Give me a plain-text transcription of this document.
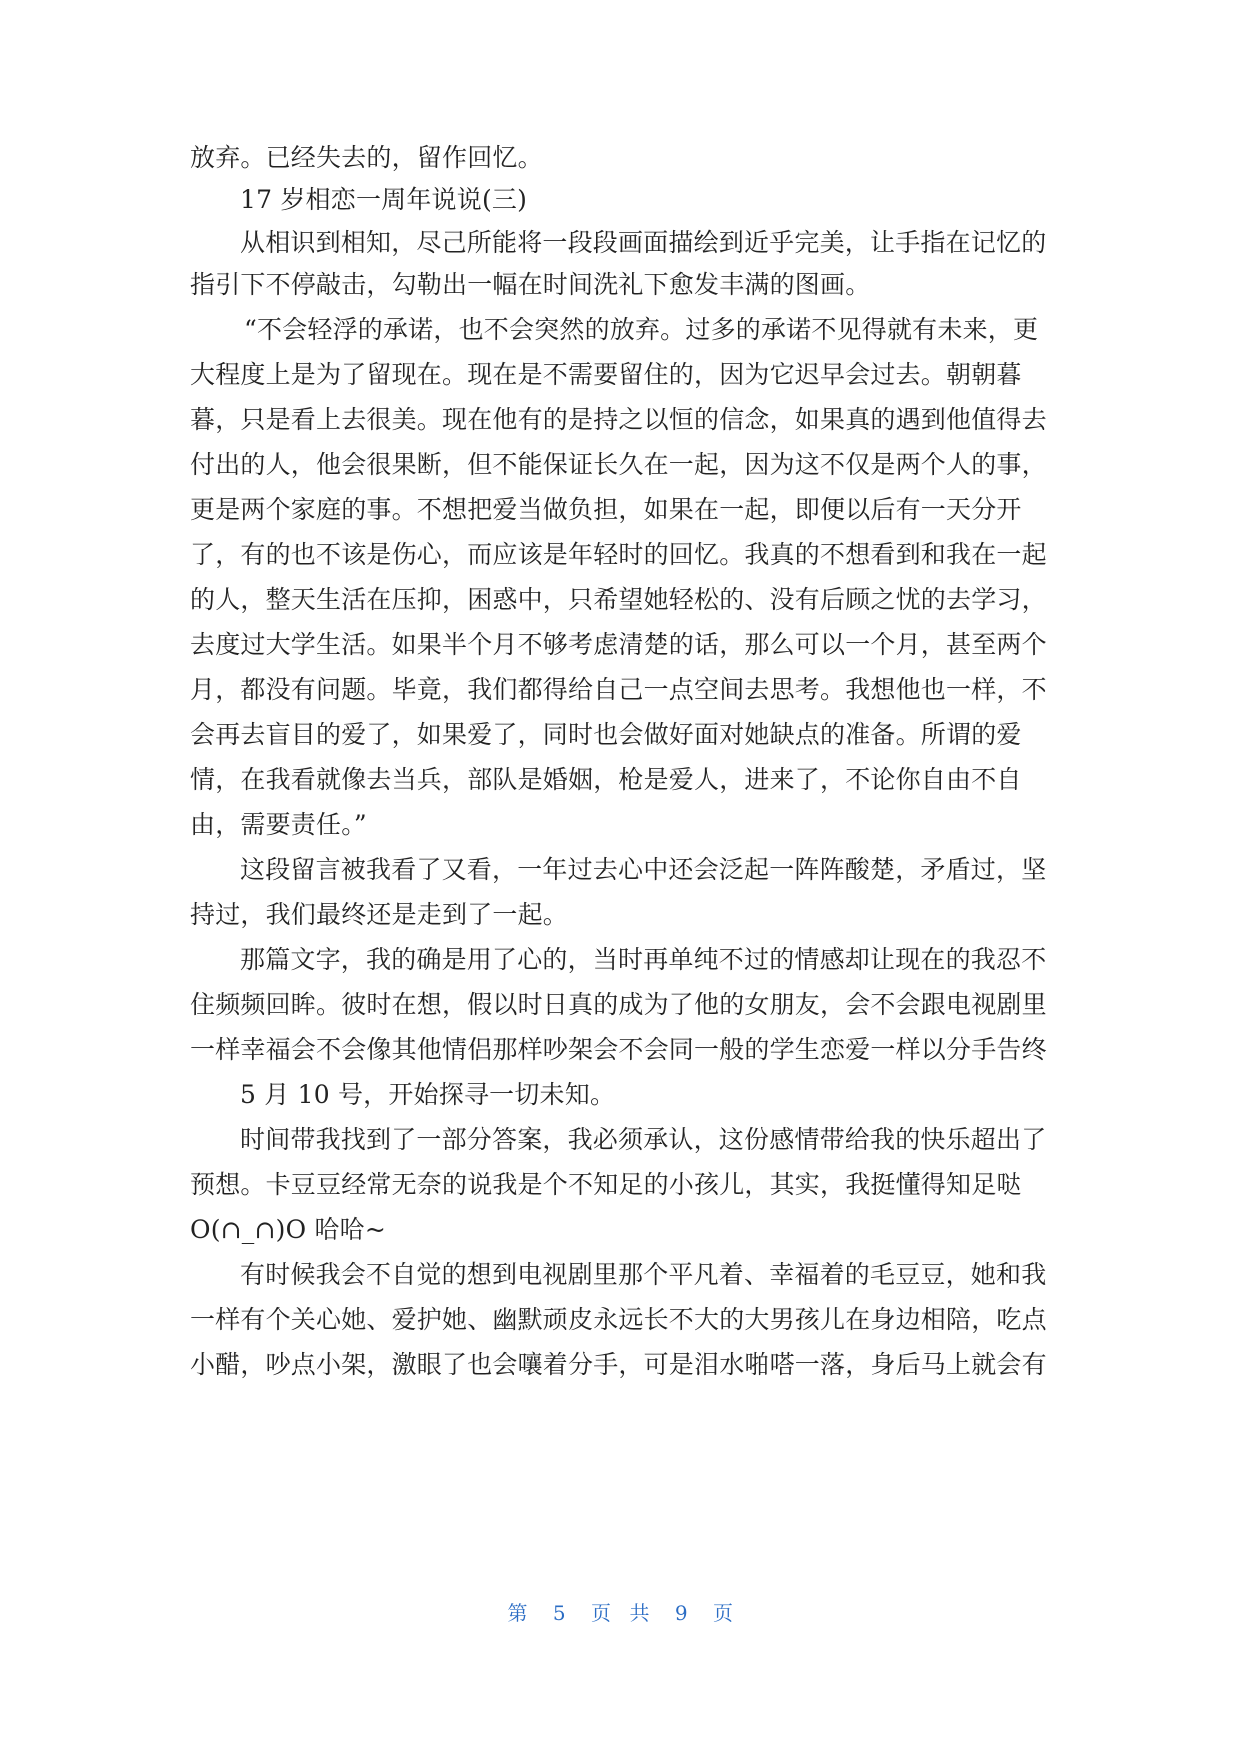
放弃。已经失去的，留作回忆。
17 岁相恋一周年说说(三)
从相识到相知，尽己所能将一段段画面描绘到近乎完美，让手指在记忆的
指引下不停敲击，勾勒出一幅在时间洗礼下愈发丰满的图画。
“不会轻浮的承诺，也不会突然的放弃。过多的承诺不见得就有未来，更
大程度上是为了留现在。现在是不需要留住的，因为它迟早会过去。朝朝暮
暮，只是看上去很美。现在他有的是持之以恒的信念，如果真的遇到他值得去
付出的人，他会很果断，但不能保证长久在一起，因为这不仅是两个人的事，
更是两个家庭的事。不想把爱当做负担，如果在一起，即便以后有一天分开
了，有的也不该是伤心，而应该是年轻时的回忆。我真的不想看到和我在一起
的人，整天生活在压抑，困惑中，只希望她轻松的、没有后顾之忧的去学习，
去度过大学生活。如果半个月不够考虑清楚的话，那么可以一个月，甚至两个
月，都没有问题。毕竟，我们都得给自己一点空间去思考。我想他也一样，不
会再去盲目的爱了，如果爱了，同时也会做好面对她缺点的准备。所谓的爱
情，在我看就像去当兵，部队是婚姻，枪是爱人，进来了，不论你自由不自
由，需要责任。”
这段留言被我看了又看，一年过去心中还会泛起一阵阵酸楚，矛盾过，坚
持过，我们最终还是走到了一起。
那篇文字，我的确是用了心的，当时再单纯不过的情感却让现在的我忍不
住频频回眸。彼时在想，假以时日真的成为了他的女朋友，会不会跟电视剧里
一样幸福会不会像其他情侣那样吵架会不会同一般的学生恋爱一样以分手告终
5 月 10 号，开始探寻一切未知。
时间带我找到了一部分答案，我必须承认，这份感情带给我的快乐超出了
预想。卡豆豆经常无奈的说我是个不知足的小孩儿，其实，我挺懂得知足哒
O(∩_∩)O 哈哈~
有时候我会不自觉的想到电视剧里那个平凡着、幸福着的毛豆豆，她和我
一样有个关心她、爱护她、幽默顽皮永远长不大的大男孩儿在身边相陪，吃点
小醋，吵点小架，激眼了也会嚷着分手，可是泪水啪嗒一落，身后马上就会有
第 5 页 共 9 页
